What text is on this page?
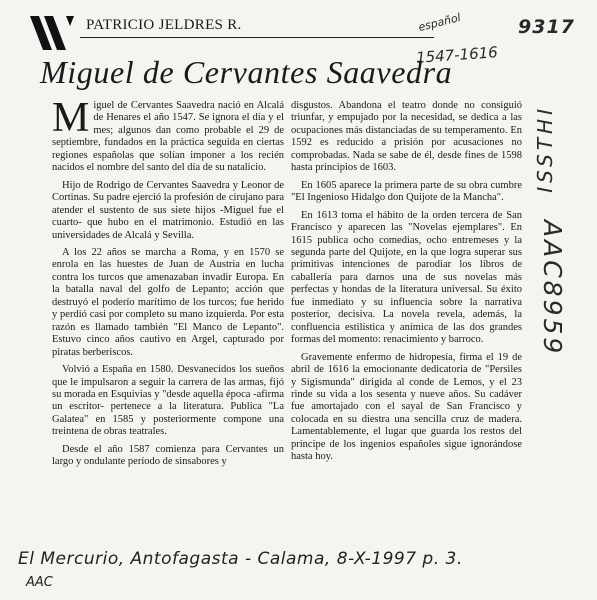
PATRICIO JELDRES R.	español	9317
1547-1616
ISSTHI
AAC8959
Miguel de Cervantes Saavedra

Miguel de Cervantes Saavedra nació en Alcalá de Henares el año 1547. Se ignora el día y el mes; algunos dan como probable el 29 de septiembre, fundados en la práctica seguida en ciertas regiones españolas que solían imponer a los recién nacidos el nombre del santo del día de su natalicio.

Hijo de Rodrigo de Cervantes Saavedra y Leonor de Cortinas. Su padre ejerció la profesión de cirujano para atender el sustento de sus siete hijos -Miguel fue el cuarto- que hubo en el matrimonio. Estudió en las universidades de Alcalá y Sevilla.

A los 22 años se marcha a Roma, y en 1570 se enrola en las huestes de Juan de Austria en lucha contra los turcos que amenazaban invadir Europa. En la batalla naval del golfo de Lepanto; acción que destruyó el poderío marítimo de los turcos; fue herido y perdió casi por completo su mano izquierda. Por esta razón es llamado también "El Manco de Lepanto". Estuvo cinco años cautivo en Argel, capturado por piratas berberiscos.

Volvió a España en 1580. Desvanecidos los sueños que le impulsaron a seguir la carrera de las armas, fijó su morada en Esquivias y "desde aquella época -afirma un escritor- pertenece a la literatura. Publica "La Galatea" en 1585 y posteriormente compone una treintena de obras teatrales.

Desde el año 1587 comienza para Cervantes un largo y ondulante período de sinsabores y

disgustos. Abandona el teatro donde no consiguió triunfar, y empujado por la necesidad, se dedica a las ocupaciones más distanciadas de su temperamento. En 1592 es reducido a prisión por acusaciones no comprobadas. Nada se sabe de él, desde fines de 1598 hasta principios de 1603.

En 1605 aparece la primera parte de su obra cumbre "El Ingenioso Hidalgo don Quijote de la Mancha".

En 1613 toma el hábito de la orden tercera de San Francisco y aparecen las "Novelas ejemplares". En 1615 publica ocho comedias, ocho entremeses y la segunda parte del Quijote, en la que logra superar sus primitivas intenciones de parodiar los libros de caballería para darnos una de sus novelas más perfectas y hondas de la literatura universal. Su éxito fue inmediato y su influencia sobre la narrativa posterior, decisiva. La novela revela, además, la confluencia estilística y anímica de las dos grandes formas del momento: renacimiento y barroco.

Gravemente enfermo de hidropesía, firma el 19 de abril de 1616 la emocionante dedicatoria de "Persiles y Sigismunda" dirigida al conde de Lemos, y el 23 rinde su vida a los sesenta y nueve años. Su cadáver fue amortajado con el sayal de San Francisco y colocada en su diestra una sencilla cruz de madera. Lamentablemente, el lugar que guarda los restos del príncipe de los ingenios españoles sigue ignorándose hasta hoy.

El Mercurio, Antofagasta - Calama, 8-X-1997 p. 3.
AAC
